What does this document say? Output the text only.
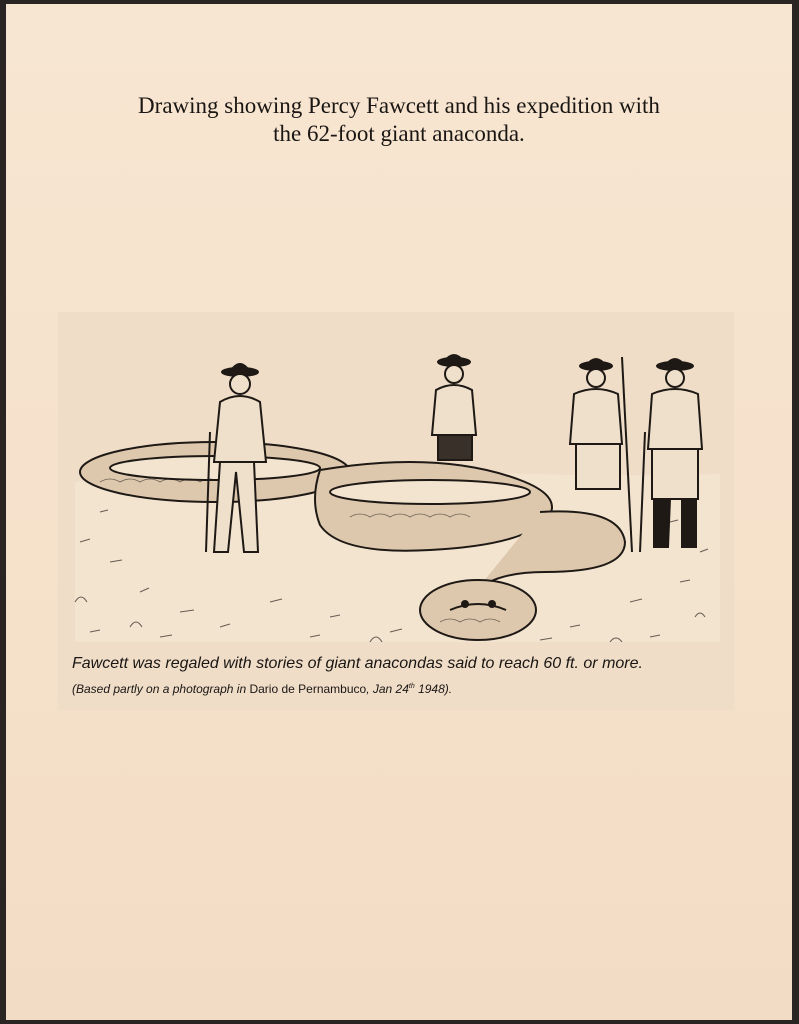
Drawing showing Percy Fawcett and his expedition with
the 62-foot giant anaconda.
Fawcett was regaled with stories of giant anacondas said to reach 60 ft. or more.
(Based partly on a photograph in Dario de Pernambuco, Jan 24th 1948).
